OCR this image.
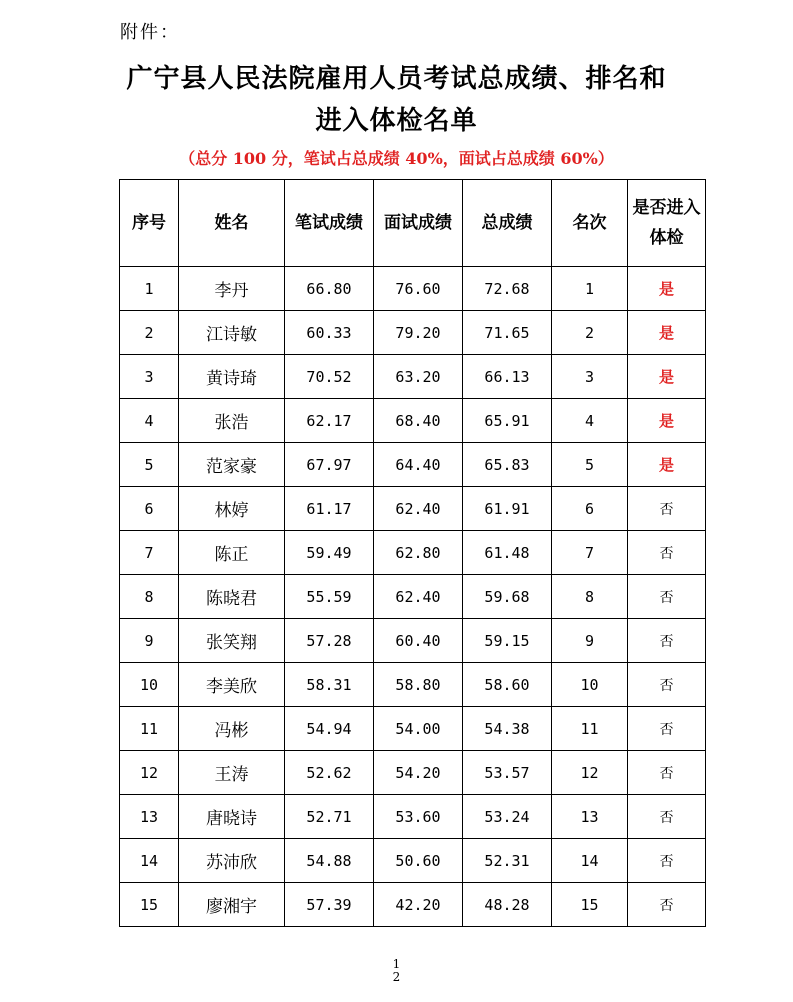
附件：
广宁县人民法院雇用人员考试总成绩、排名和
进入体检名单
（总分 100 分，笔试占总成绩 40%，面试占总成绩 60%）
序号	姓名	笔试成绩	面试成绩	总成绩	名次	是否进入
体检
1	李丹	66.80	76.60	72.68	1	是
2	江诗敏	60.33	79.20	71.65	2	是
3	黄诗琦	70.52	63.20	66.13	3	是
4	张浩	62.17	68.40	65.91	4	是
5	范家豪	67.97	64.40	65.83	5	是
6	林婷	61.17	62.40	61.91	6	否
7	陈正	59.49	62.80	61.48	7	否
8	陈晓君	55.59	62.40	59.68	8	否
9	张笑翔	57.28	60.40	59.15	9	否
10	李美欣	58.31	58.80	58.60	10	否
11	冯彬	54.94	54.00	54.38	11	否
12	王涛	52.62	54.20	53.57	12	否
13	唐晓诗	52.71	53.60	53.24	13	否
14	苏沛欣	54.88	50.60	52.31	14	否
15	廖湘宇	57.39	42.20	48.28	15	否
1
2
